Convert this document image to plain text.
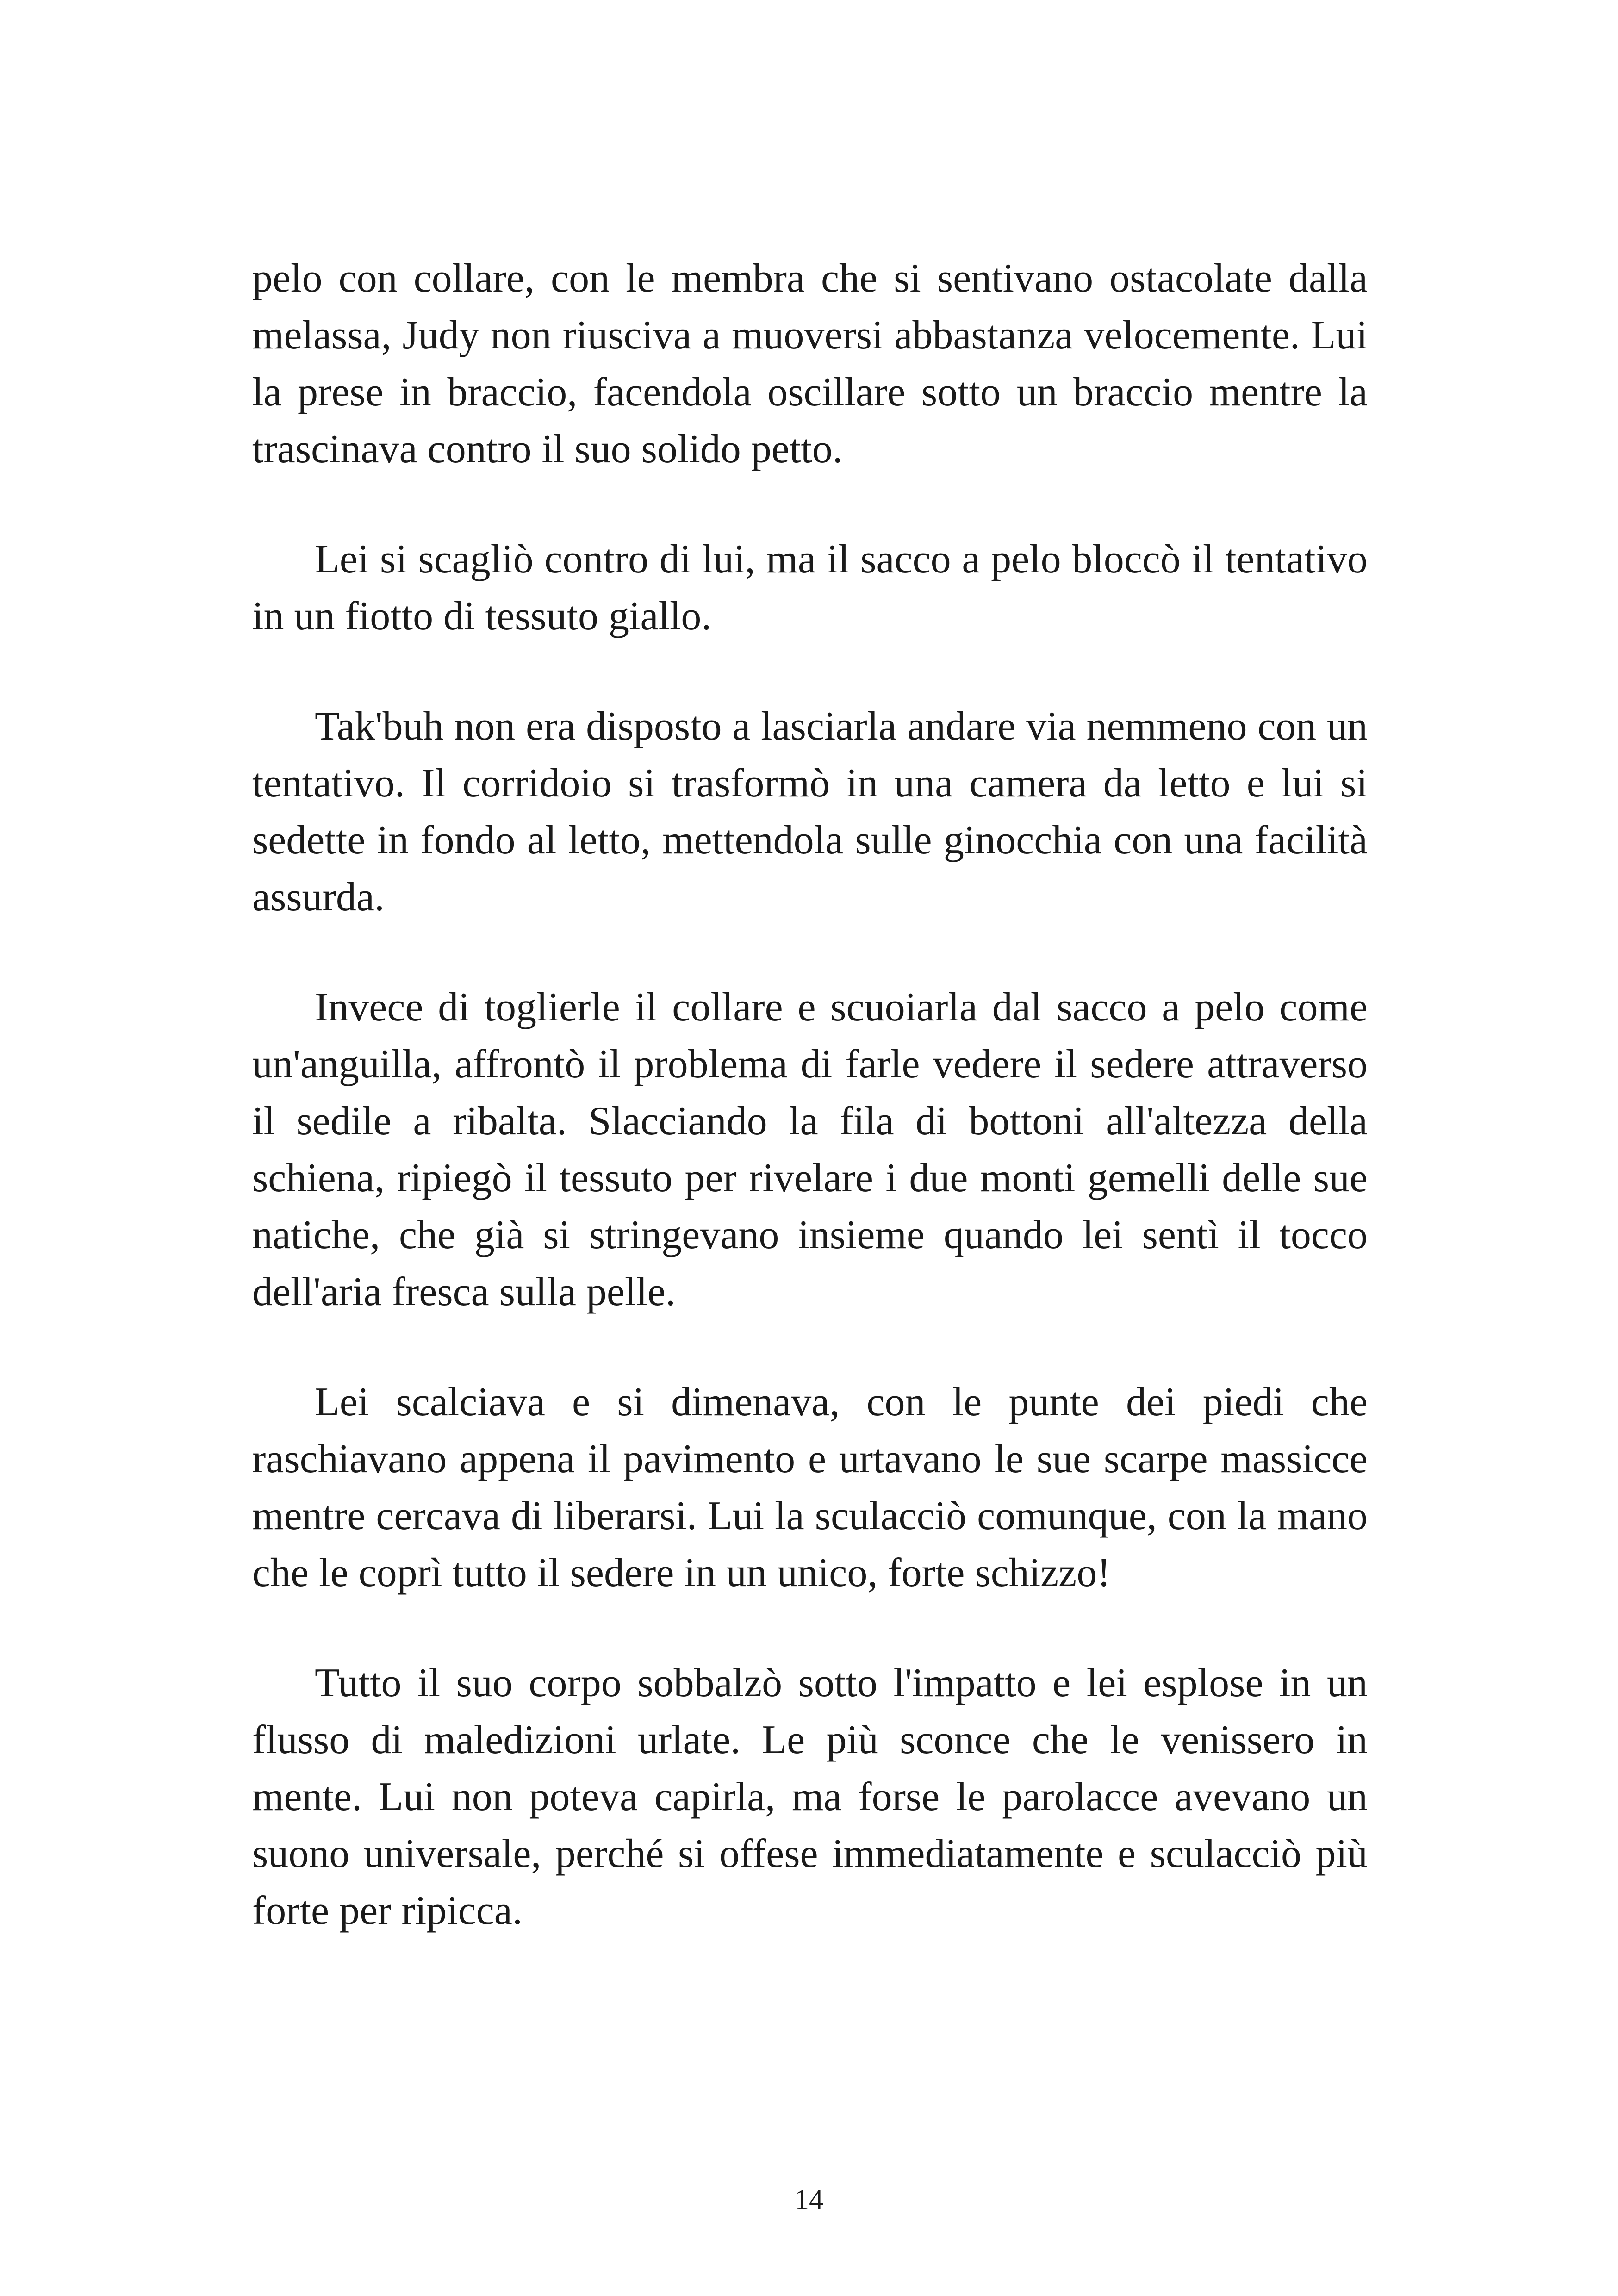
pelo con collare, con le membra che si sentivano ostacolate dalla melassa, Judy non riusciva a muoversi abbastanza velocemente. Lui la prese in braccio, facendola oscillare sotto un braccio mentre la trascinava contro il suo solido petto.

Lei si scagliò contro di lui, ma il sacco a pelo bloccò il tentativo in un fiotto di tessuto giallo.

Tak'buh non era disposto a lasciarla andare via nemmeno con un tentativo. Il corridoio si trasformò in una camera da letto e lui si sedette in fondo al letto, mettendola sulle ginocchia con una facilità assurda.

Invece di toglierle il collare e scuoiarla dal sacco a pelo come un'anguilla, affrontò il problema di farle vedere il sedere attraverso il sedile a ribalta. Slacciando la fila di bottoni all'altezza della schiena, ripiegò il tessuto per rivelare i due monti gemelli delle sue natiche, che già si stringevano insieme quando lei sentì il tocco dell'aria fresca sulla pelle.

Lei scalciava e si dimenava, con le punte dei piedi che raschiavano appena il pavimento e urtavano le sue scarpe massicce mentre cercava di liberarsi. Lui la sculacciò comunque, con la mano che le coprì tutto il sedere in un unico, forte schizzo!

Tutto il suo corpo sobbalzò sotto l'impatto e lei esplose in un flusso di maledizioni urlate. Le più sconce che le venissero in mente. Lui non poteva capirla, ma forse le parolacce avevano un suono universale, perché si offese immediatamente e sculacciò più forte per ripicca.

14
